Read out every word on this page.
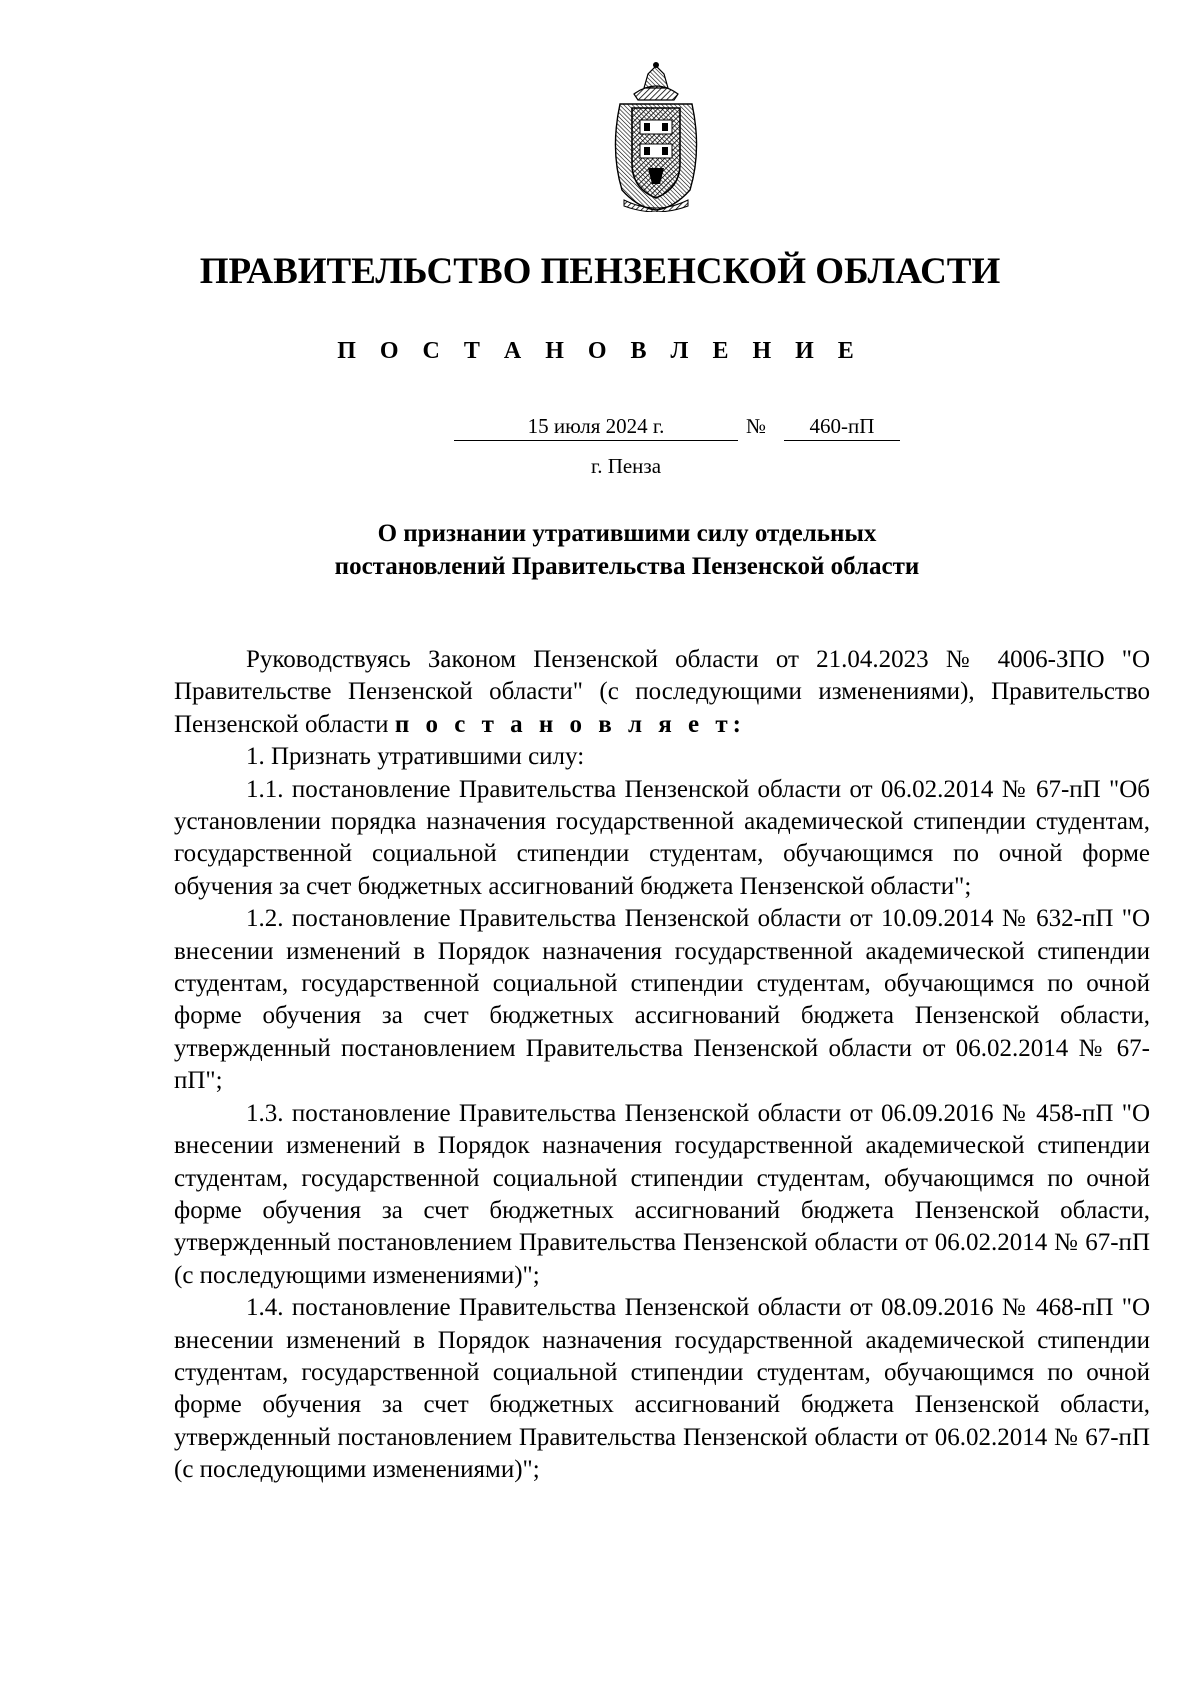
ПРАВИТЕЛЬСТВО ПЕНЗЕНСКОЙ ОБЛАСТИ
П О С Т А Н О В Л Е Н И Е
15 июля 2024 г.	№	460-пП
г. Пенза
О признании утратившими силу отдельных
постановлений Правительства Пензенской области

Руководствуясь Законом Пензенской области от 21.04.2023 № 4006-ЗПО "О Правительстве Пензенской области" (с последующими изменениями), Правительство Пензенской области п о с т а н о в л я е т:

1. Признать утратившими силу:

1.1. постановление Правительства Пензенской области от 06.02.2014 № 67-пП "Об установлении порядка назначения государственной академической стипендии студентам, государственной социальной стипендии студентам, обучающимся по очной форме обучения за счет бюджетных ассигнований бюджета Пензенской области";

1.2. постановление Правительства Пензенской области от 10.09.2014 № 632-пП "О внесении изменений в Порядок назначения государственной академической стипендии студентам, государственной социальной стипендии студентам, обучающимся по очной форме обучения за счет бюджетных ассигнований бюджета Пензенской области, утвержденный постановлением Правительства Пензенской области от 06.02.2014 № 67-пП";

1.3. постановление Правительства Пензенской области от 06.09.2016 № 458-пП "О внесении изменений в Порядок назначения государственной академической стипендии студентам, государственной социальной стипендии студентам, обучающимся по очной форме обучения за счет бюджетных ассигнований бюджета Пензенской области, утвержденный постановлением Правительства Пензенской области от 06.02.2014 № 67-пП (с последующими изменениями)";

1.4. постановление Правительства Пензенской области от 08.09.2016 № 468-пП "О внесении изменений в Порядок назначения государственной академической стипендии студентам, государственной социальной стипендии студентам, обучающимся по очной форме обучения за счет бюджетных ассигнований бюджета Пензенской области, утвержденный постановлением Правительства Пензенской области от 06.02.2014 № 67-пП (с последующими изменениями)";
